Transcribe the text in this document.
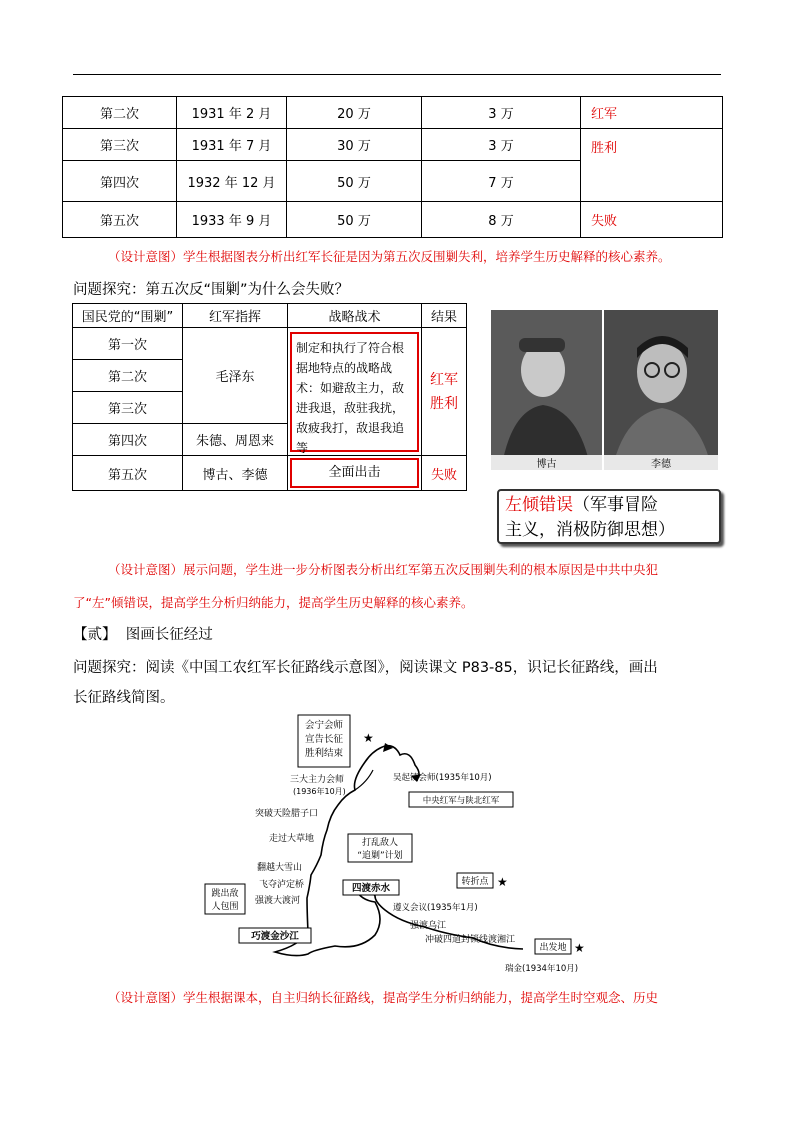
第二次	1931 年 2 月	20 万	3 万	红军
第三次	1931 年 7 月	30 万	3 万	胜利
第四次	1932 年 12 月	50 万	7 万	
第五次	1933 年 9 月	50 万	8 万	失败
（设计意图）学生根据图表分析出红军长征是因为第五次反围剿失利，培养学生历史解释的核心素养。
问题探究：第五次反“围剿”为什么会失败？
国民党的“围剿”	红军指挥	战略战术	结果
第一次	毛泽东	制定和执行了符合根据地特点的战略战术：如避敌主力，敌进我退，敌驻我扰，敌疲我打，敌退我追等	红军
胜利

第二次			
第三次			
第四次	朱德、周恩来		
第五次	博古、李德	全面出击	失败
博古	李德
左倾错误（军事冒险
主义，消极防御思想）
（设计意图）展示问题，学生进一步分析图表分析出红军第五次反围剿失利的根本原因是中共中央犯
了“左”倾错误，提高学生分析归纳能力，提高学生历史解释的核心素养。
【贰】 图画长征经过
问题探究：阅读《中国工农红军长征路线示意图》，阅读课文 P83-85，识记长征路线，画出
长征路线简图。
会宁会师
宣告长征
胜利结束
★
三大主力会师
(1936年10月)
吴起镇会师(1935年10月)
中央红军与陕北红军
突破天险腊子口
走过大草地
翻越大雪山
飞夺泸定桥
强渡大渡河
跳出敌
人包围
巧渡金沙江
打乱敌人
“追剿”计划
四渡赤水
遵义会议(1935年1月)
转折点 ★
强渡乌江
冲破四道封锁线渡湘江
出发地 ★
瑞金(1934年10月)
（设计意图）学生根据课本，自主归纳长征路线，提高学生分析归纳能力，提高学生时空观念、历史
